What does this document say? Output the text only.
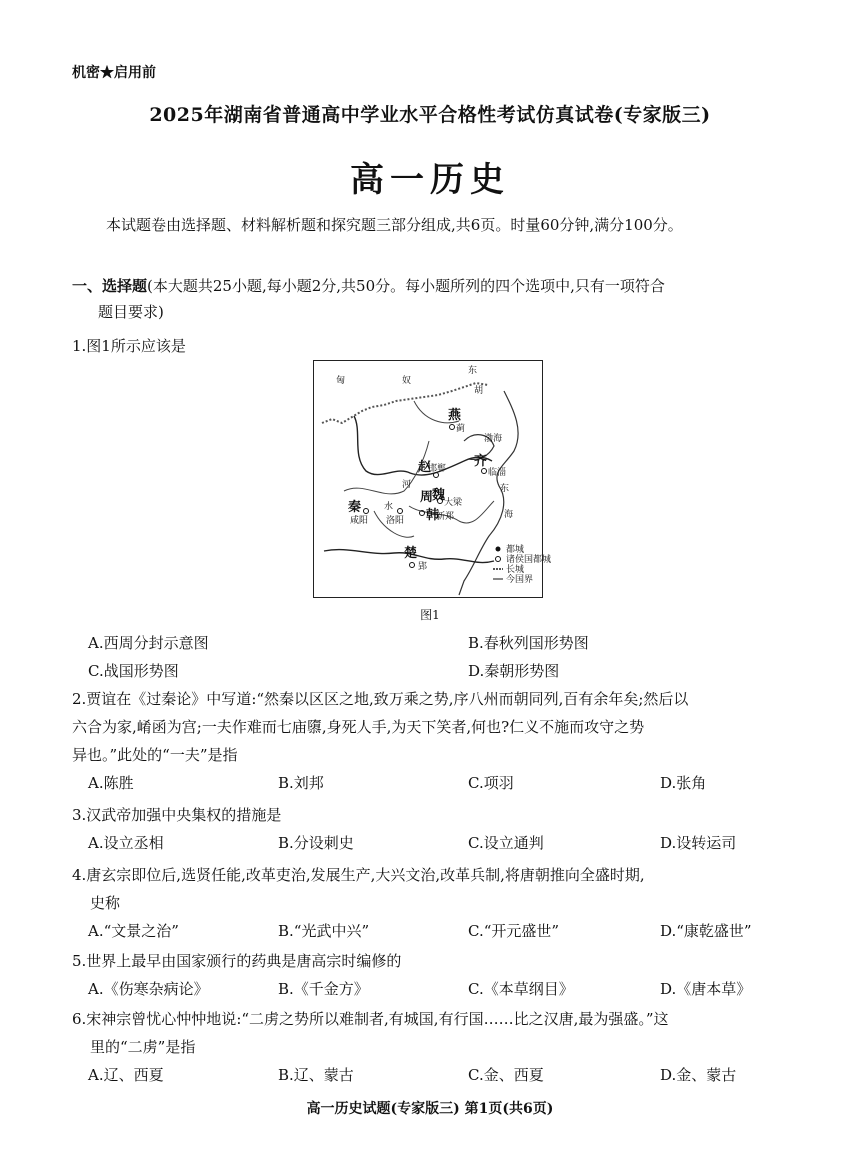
机密★启用前
2025年湖南省普通高中学业水平合格性考试仿真试卷(专家版三)
高一历史
本试题卷由选择题、材料解析题和探究题三部分组成,共6页。时量60分钟,满分100分。
一、选择题(本大题共25小题,每小题2分,共50分。每小题所列的四个选项中,只有一项符合
题目要求)
1.图1所示应该是
匈	奴
东
胡
燕
蓟
渤海
赵
邯郸 齐
临淄
河
水
周
魏
大梁
秦
咸阳 洛阳 韩
新郑
东
海
楚
郢
都城
诸侯国都城
长城
今国界
图1
A.西周分封示意图	B.春秋列国形势图
C.战国形势图	D.秦朝形势图
2.贾谊在《过秦论》中写道:“然秦以区区之地,致万乘之势,序八州而朝同列,百有余年矣;然后以
六合为家,崤函为宫;一夫作难而七庙隳,身死人手,为天下笑者,何也?仁义不施而攻守之势
异也。”此处的“一夫”是指
A.陈胜	B.刘邦	C.项羽	D.张角
3.汉武帝加强中央集权的措施是
A.设立丞相	B.分设刺史	C.设立通判	D.设转运司
4.唐玄宗即位后,选贤任能,改革吏治,发展生产,大兴文治,改革兵制,将唐朝推向全盛时期,
史称
A.“文景之治”	B.“光武中兴”	C.“开元盛世”	D.“康乾盛世”
5.世界上最早由国家颁行的药典是唐高宗时编修的
A.《伤寒杂病论》	B.《千金方》	C.《本草纲目》	D.《唐本草》
6.宋神宗曾忧心忡忡地说:“二虏之势所以难制者,有城国,有行国……比之汉唐,最为强盛。”这
里的“二虏”是指
A.辽、西夏	B.辽、蒙古	C.金、西夏	D.金、蒙古
高一历史试题(专家版三) 第1页(共6页)
